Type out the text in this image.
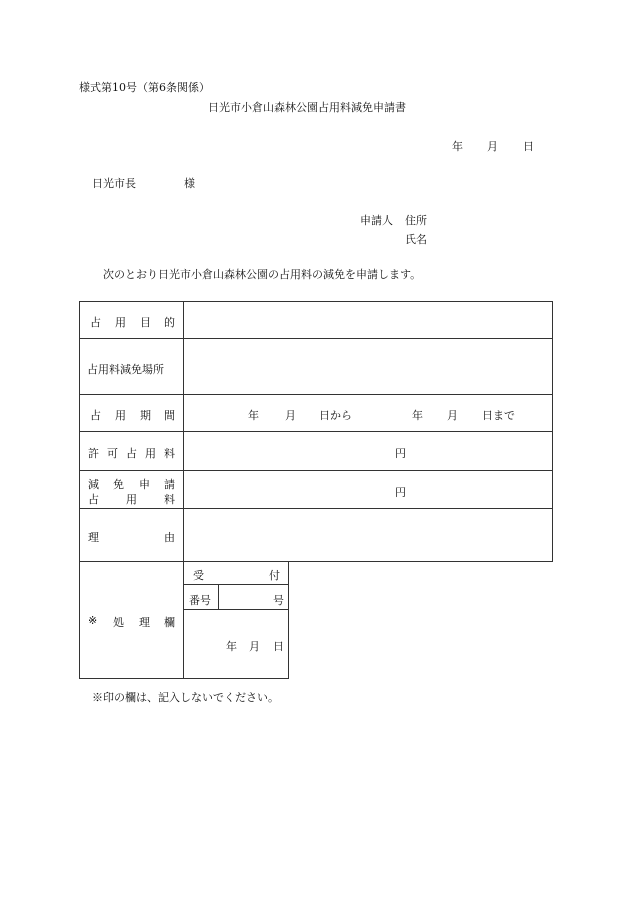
様式第10号（第6条関係）
日光市小倉山森林公園占用料減免申請書
年 月 日
日光市長	様
申請人 住所
氏名
次のとおり日光市小倉山森林公園の占用料の減免を申請します。
占 用 目 的
占用料減免場所
占 用 期 間	年 月 日から	年 月 日まで
許 可 占 用 料	円
減 免 申 請
占 用 料
円
理	由
※ 処 理 欄
受	付
番号	号
年 月 日
※印の欄は、記入しないでください。
